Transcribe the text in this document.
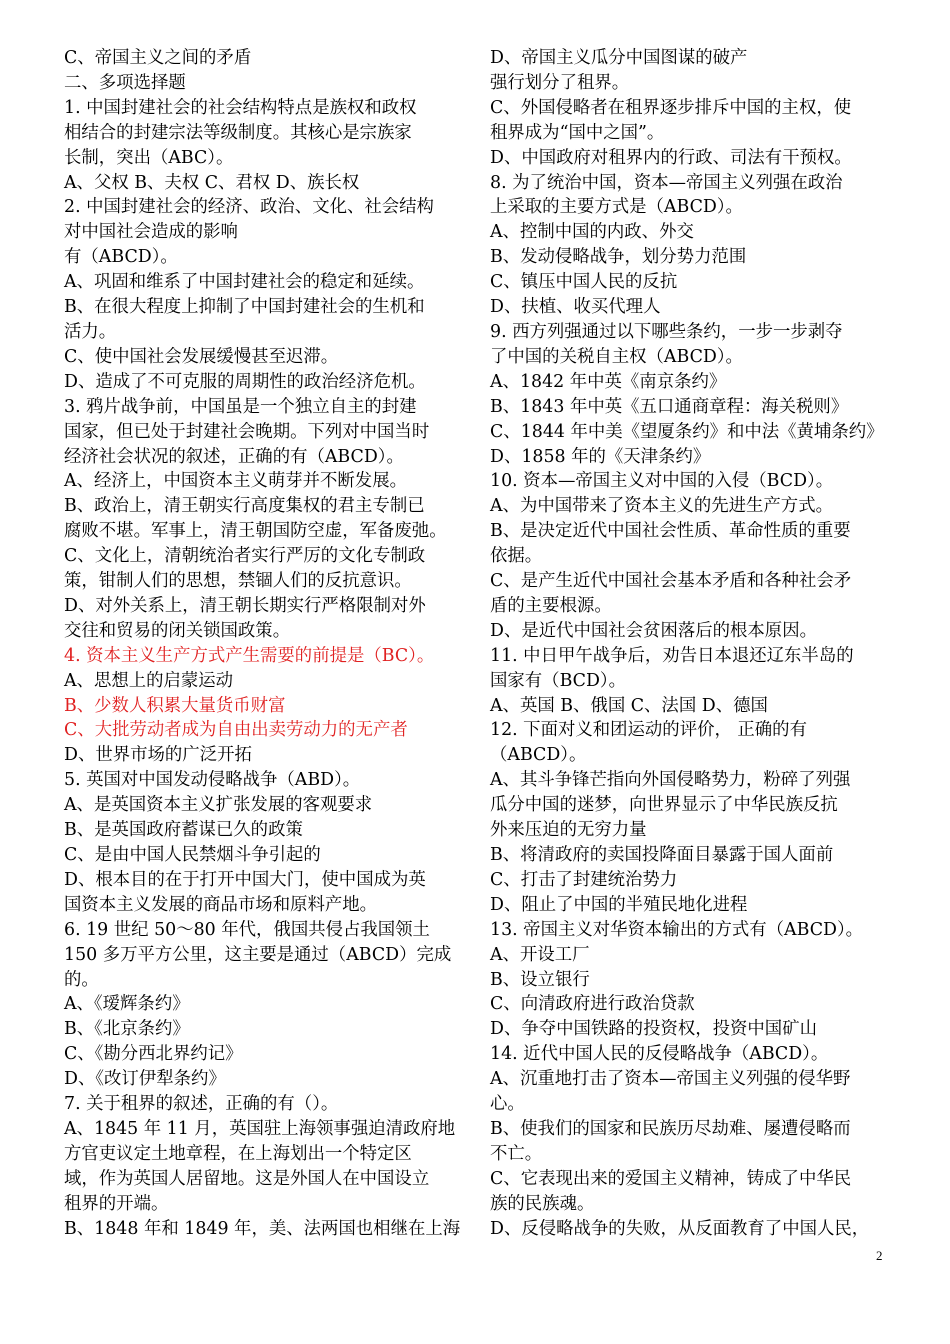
C、帝国主义之间的矛盾
二、多项选择题
1. 中国封建社会的社会结构特点是族权和政权
相结合的封建宗法等级制度。其核心是宗族家
长制，突出（ABC）。
A、父权 B、夫权 C、君权 D、族长权
2. 中国封建社会的经济、政治、文化、社会结构
对中国社会造成的影响
有（ABCD）。
A、巩固和维系了中国封建社会的稳定和延续。
B、在很大程度上抑制了中国封建社会的生机和
活力。
C、使中国社会发展缓慢甚至迟滞。
D、造成了不可克服的周期性的政治经济危机。
3. 鸦片战争前，中国虽是一个独立自主的封建
国家，但已处于封建社会晚期。下列对中国当时
经济社会状况的叙述，正确的有（ABCD）。
A、经济上，中国资本主义萌芽并不断发展。
B、政治上，清王朝实行高度集权的君主专制已
腐败不堪。军事上，清王朝国防空虚，军备废弛。
C、文化上，清朝统治者实行严厉的文化专制政
策，钳制人们的思想，禁锢人们的反抗意识。
D、对外关系上，清王朝长期实行严格限制对外
交往和贸易的闭关锁国政策。
4. 资本主义生产方式产生需要的前提是（BC）。
A、思想上的启蒙运动
B、少数人积累大量货币财富
C、大批劳动者成为自由出卖劳动力的无产者
D、世界市场的广泛开拓
5. 英国对中国发动侵略战争（ABD）。
A、是英国资本主义扩张发展的客观要求
B、是英国政府蓄谋已久的政策
C、是由中国人民禁烟斗争引起的
D、根本目的在于打开中国大门，使中国成为英
国资本主义发展的商品市场和原料产地。
6. 19 世纪 50～80 年代，俄国共侵占我国领土
150 多万平方公里，这主要是通过（ABCD）完成
的。
A、《瑷辉条约》
B、《北京条约》
C、《勘分西北界约记》
D、《改订伊犁条约》
7. 关于租界的叙述，正确的有（）。
A、1845 年 11 月，英国驻上海领事强迫清政府地
方官吏议定土地章程，在上海划出一个特定区
域，作为英国人居留地。这是外国人在中国设立
租界的开端。
B、1848 年和 1849 年，美、法两国也相继在上海
D、帝国主义瓜分中国图谋的破产
强行划分了租界。
C、外国侵略者在租界逐步排斥中国的主权，使
租界成为“国中之国”。
D、中国政府对租界内的行政、司法有干预权。
8. 为了统治中国，资本—帝国主义列强在政治
上采取的主要方式是（ABCD）。
A、控制中国的内政、外交
B、发动侵略战争，划分势力范围
C、镇压中国人民的反抗
D、扶植、收买代理人
9. 西方列强通过以下哪些条约，一步一步剥夺
了中国的关税自主权（ABCD）。
A、1842 年中英《南京条约》
B、1843 年中英《五口通商章程：海关税则》
C、1844 年中美《望厦条约》和中法《黄埔条约》
D、1858 年的《天津条约》
10. 资本—帝国主义对中国的入侵（BCD）。
A、为中国带来了资本主义的先进生产方式。
B、是决定近代中国社会性质、革命性质的重要
依据。
C、是产生近代中国社会基本矛盾和各种社会矛
盾的主要根源。
D、是近代中国社会贫困落后的根本原因。
11. 中日甲午战争后，劝告日本退还辽东半岛的
国家有（BCD）。
A、英国 B、俄国 C、法国 D、德国
12. 下面对义和团运动的评价， 正确的有
（ABCD）。
A、其斗争锋芒指向外国侵略势力，粉碎了列强
瓜分中国的迷梦，向世界显示了中华民族反抗
外来压迫的无穷力量
B、将清政府的卖国投降面目暴露于国人面前
C、打击了封建统治势力
D、阻止了中国的半殖民地化进程
13. 帝国主义对华资本输出的方式有（ABCD）。
A、开设工厂
B、设立银行
C、向清政府进行政治贷款
D、争夺中国铁路的投资权，投资中国矿山
14. 近代中国人民的反侵略战争（ABCD）。
A、沉重地打击了资本—帝国主义列强的侵华野
心。
B、使我们的国家和民族历尽劫难、屡遭侵略而
不亡。
C、它表现出来的爱国主义精神，铸成了中华民
族的民族魂。
D、反侵略战争的失败，从反面教育了中国人民，
2
